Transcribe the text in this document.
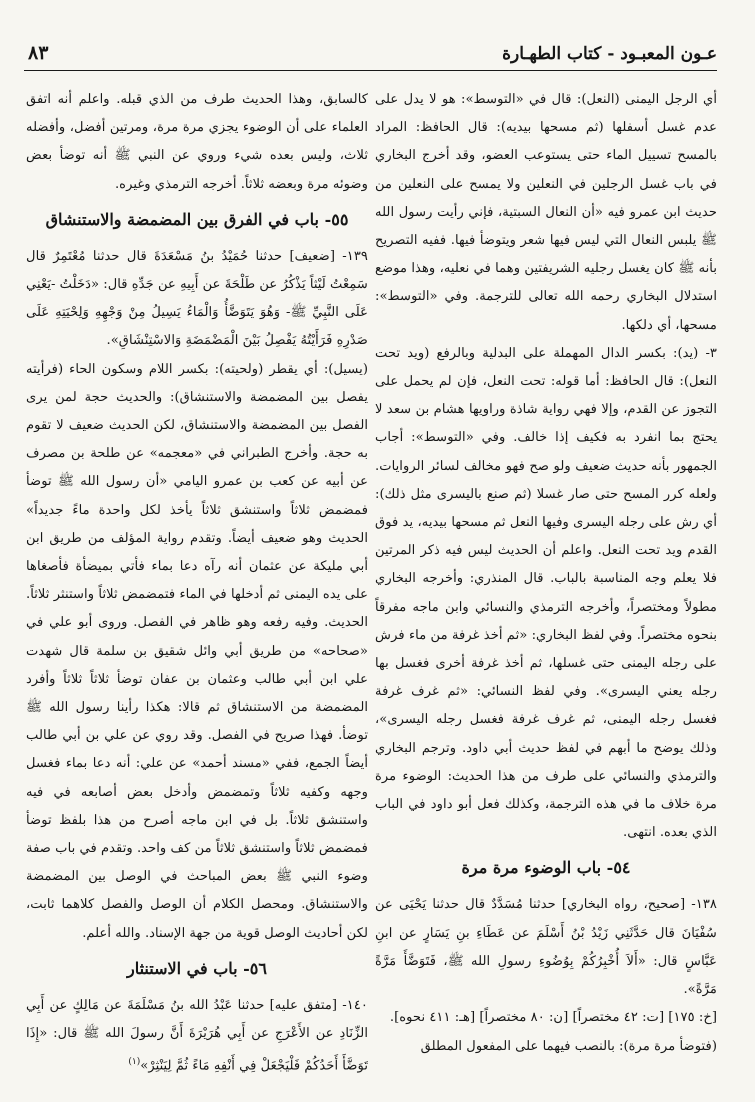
عـون المعبـود - كتاب الطهـارة
٨٣

أي الرجل اليمنى (النعل): قال في «التوسط»: هو لا يدل على عدم غسل أسفلها (ثم مسحها بيديه): قال الحافظ: المراد بالمسح تسييل الماء حتى يستوعب العضو، وقد أخرج البخاري في باب غسل الرجلين في النعلين ولا يمسح على النعلين من حديث ابن عمرو فيه «أن النعال السبتية، فإني رأيت رسول الله ﷺ يلبس النعال التي ليس فيها شعر ويتوضأ فيها. ففيه التصريح بأنه ﷺ كان يغسل رجليه الشريفتين وهما في نعليه، وهذا موضع استدلال البخاري رحمه الله تعالى للترجمة. وفي «التوسط»: مسحها، أي دلكها.

٣- (يد): بكسر الدال المهملة على البدلية وبالرفع (ويد تحت النعل): قال الحافظ: أما قوله: تحت النعل، فإن لم يحمل على التجوز عن القدم، وإلا فهي رواية شاذة وراويها هشام بن سعد لا يحتج بما انفرد به فكيف إذا خالف. وفي «التوسط»: أجاب الجمهور بأنه حديث ضعيف ولو صح فهو مخالف لسائر الروايات. ولعله كرر المسح حتى صار غسلا (ثم صنع باليسرى مثل ذلك): أي رش على رجله اليسرى وفيها النعل ثم مسحها بيديه، يد فوق القدم ويد تحت النعل. واعلم أن الحديث ليس فيه ذكر المرتين فلا يعلم وجه المناسبة بالباب. قال المنذري: وأخرجه البخاري مطولاً ومختصراً، وأخرجه الترمذي والنسائي وابن ماجه مفرقاً بنحوه مختصراً. وفي لفظ البخاري: «ثم أخذ غرفة من ماء فرش على رجله اليمنى حتى غسلها، ثم أخذ غرفة أخرى فغسل بها رجله يعني اليسرى». وفي لفظ النسائي: «ثم غرف غرفة فغسل رجله اليمنى، ثم غرف غرفة فغسل رجله اليسرى»، وذلك يوضح ما أبهم في لفظ حديث أبي داود. وترجم البخاري والترمذي والنسائي على طرف من هذا الحديث: الوضوء مرة مرة خلاف ما في هذه الترجمة، وكذلك فعل أبو داود في الباب الذي بعده. انتهى.

٥٤- باب الوضوء مرة مرة

١٣٨- [صحيح، رواه البخاري] حدثنا مُسَدَّدٌ قال حدثنا يَحْيَى عن سُفْيَانَ قال حَدَّثَنِي زَيْدُ بْنُ أَسْلَمَ عن عَطَاءِ بنِ يَسَارٍ عن ابنِ عَبَّاسٍ قال: «أَلاَ أُخْبِرُكُمْ بِوُضُوءِ رسولِ الله ﷺ، فَتَوَضَّأَ مَرَّةً مَرَّةً».

[خ: ١٧٥] [ت: ٤٢ مختصراً] [ن: ٨٠ مختصراً] [هـ: ٤١١ نحوه].

(فتوضأ مرة مرة): بالنصب فيهما على المفعول المطلق

كالسابق، وهذا الحديث طرف من الذي قبله. واعلم أنه اتفق العلماء على أن الوضوء يجزي مرة مرة، ومرتين أفضل، وأفضله ثلاث، وليس بعده شيء وروي عن النبي ﷺ أنه توضأ بعض وضوئه مرة وبعضه ثلاثاً. أخرجه الترمذي وغيره.

٥٥- باب في الفرق بين المضمضة والاستنشاق

١٣٩- [ضعيف] حدثنا حُمَيْدُ بنُ مَسْعَدَةَ قال حدثنا مُعْتَمِرٌ قال سَمِعْتُ لَيْثاً يَذْكُرُ عن طَلْحَةَ عن أَبِيهِ عن جَدِّهِ قال: «دَخَلْتُ -يَعْنِي عَلَى النَّبِيِّ ﷺ- وَهُوَ يَتَوَضَّأُ وَالْمَاءُ يَسِيلُ مِنْ وَجْهِهِ وَلِحْيَتِهِ عَلَى صَدْرِهِ فَرَأَيْتُهُ يَفْصِلُ بَيْنَ الْمَضْمَضَةِ وَالاسْتِنْشَاقِ».

(يسيل): أي يقطر (ولحيته): بكسر اللام وسكون الحاء (فرأيته يفصل بين المضمضة والاستنشاق): والحديث حجة لمن يرى الفصل بين المضمضة والاستنشاق، لكن الحديث ضعيف لا تقوم به حجة. وأخرج الطبراني في «معجمه» عن طلحة بن مصرف عن أبيه عن كعب بن عمرو اليامي «أن رسول الله ﷺ توضأ فمضمض ثلاثاً واستنشق ثلاثاً يأخذ لكل واحدة ماءً جديداً» الحديث وهو ضعيف أيضاً. وتقدم رواية المؤلف من طريق ابن أبي مليكة عن عثمان أنه رآه دعا بماء فأتي بميضأة فأصغاها على يده اليمنى ثم أدخلها في الماء فتمضمض ثلاثاً واستنثر ثلاثاً. الحديث. وفيه رفعه وهو ظاهر في الفصل. وروى أبو علي في «صحاحه» من طريق أبي وائل شقيق بن سلمة قال شهدت علي ابن أبي طالب وعثمان بن عفان توضأ ثلاثاً ثلاثاً وأفرد المضمضة من الاستنشاق ثم قالا: هكذا رأينا رسول الله ﷺ توضأ. فهذا صريح في الفصل. وقد روي عن علي بن أبي طالب أيضاً الجمع، ففي «مسند أحمد» عن علي: أنه دعا بماء فغسل وجهه وكفيه ثلاثاً وتمضمض وأدخل بعض أصابعه في فيه واستنشق ثلاثاً. بل في ابن ماجه أصرح من هذا بلفظ توضأ فمضمض ثلاثاً واستنشق ثلاثاً من كف واحد. وتقدم في باب صفة وضوء النبي ﷺ بعض المباحث في الوصل بين المضمضة والاستنشاق. ومحصل الكلام أن الوصل والفصل كلاهما ثابت، لكن أحاديث الوصل قوية من جهة الإسناد. والله أعلم.

٥٦- باب في الاستنثار

١٤٠- [متفق عليه] حدثنا عَبْدُ الله بنُ مَسْلَمَةَ عن مَالِكٍ عن أَبِي الزِّنَادِ عن الأَعْرَجِ عن أَبِي هُرَيْرَةَ أَنَّ رسولَ الله ﷺ قال: «إِذَا تَوَضَّأَ أَحَدُكُمْ فَلْيَجْعَلْ فِي أَنْفِهِ مَاءً ثُمَّ لِيَنْثِرْ»$^{(١)}$
